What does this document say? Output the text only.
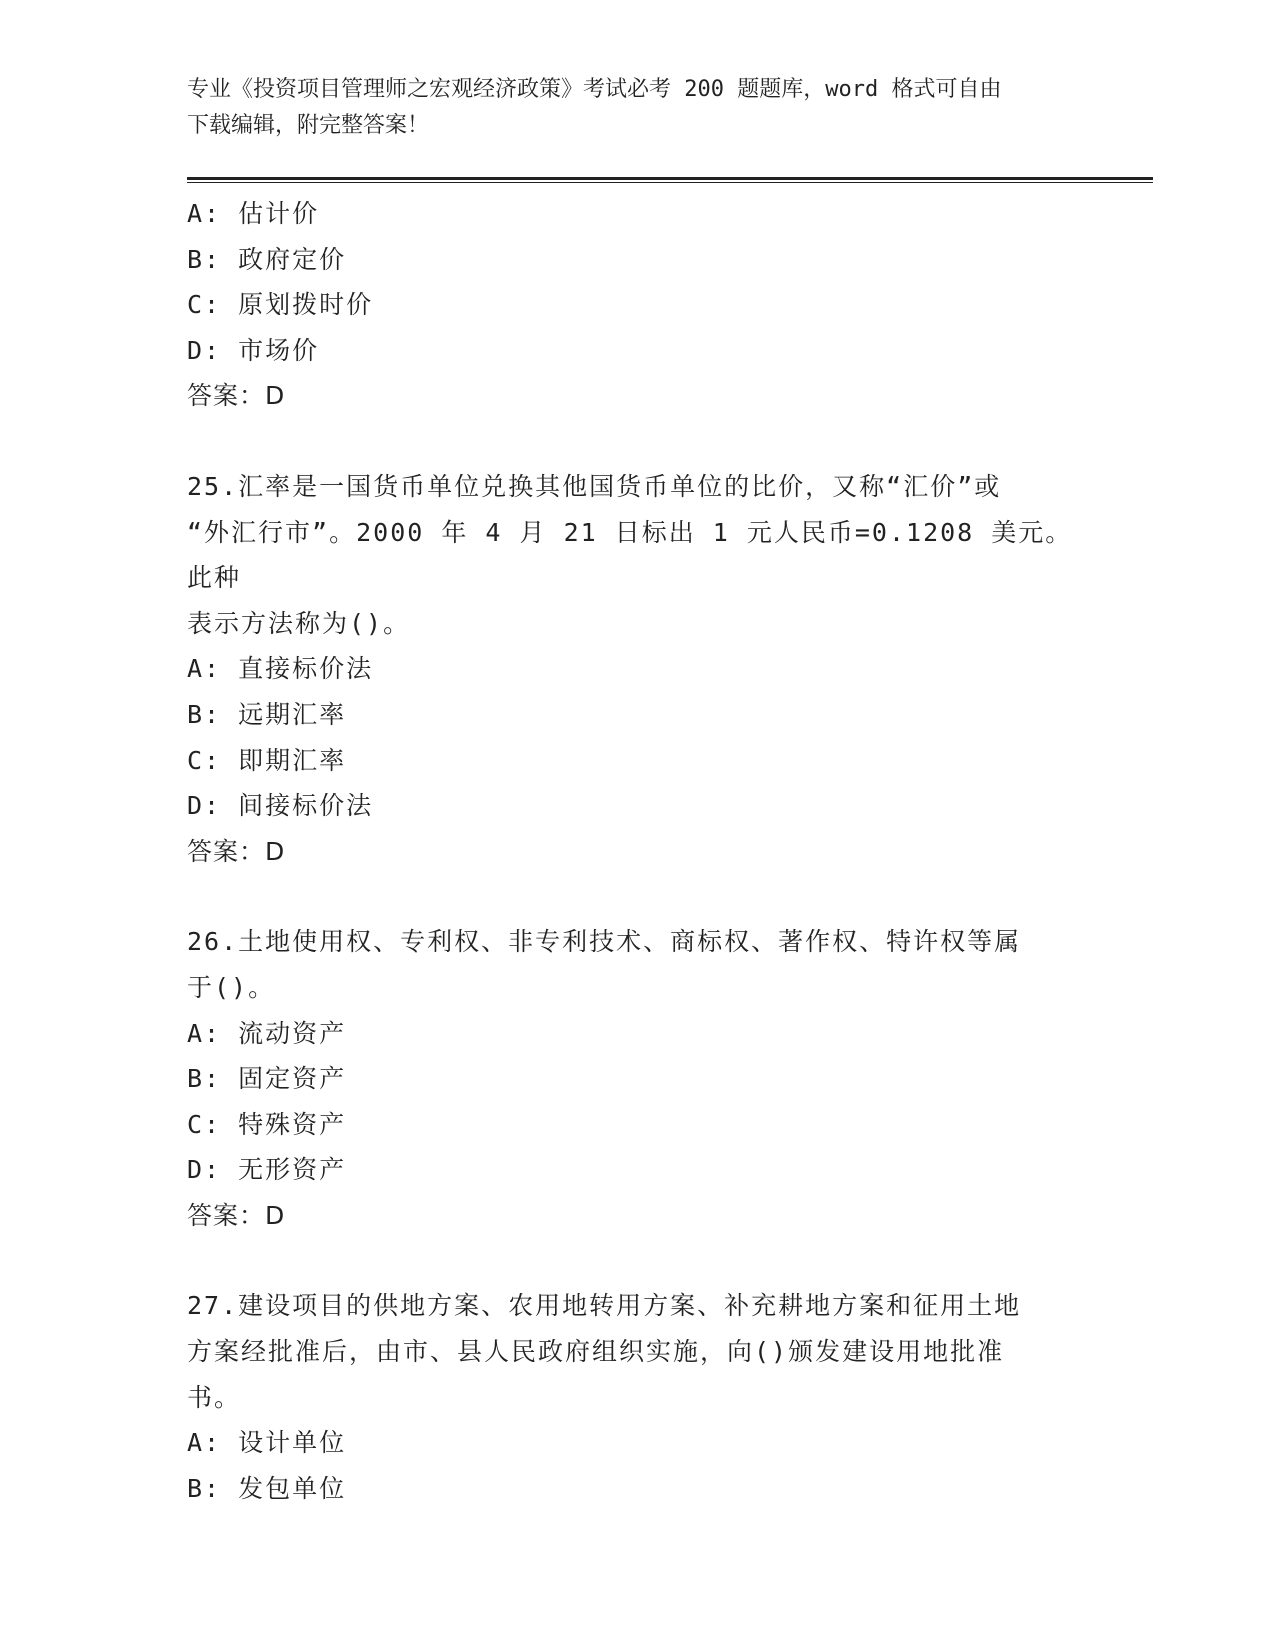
专业《投资项目管理师之宏观经济政策》考试必考 200 题题库，word 格式可自由
下载编辑，附完整答案！

A: 估计价

B: 政府定价

C: 原划拨时价

D: 市场价

答案：D

25.汇率是一国货币单位兑换其他国货币单位的比价，又称“汇价”或

“外汇行市”。2000 年 4 月 21 日标出 1 元人民币=0.1208 美元。此种

表示方法称为()。

A: 直接标价法

B: 远期汇率

C: 即期汇率

D: 间接标价法

答案：D

26.土地使用权、专利权、非专利技术、商标权、著作权、特许权等属

于()。

A: 流动资产

B: 固定资产

C: 特殊资产

D: 无形资产

答案：D

27.建设项目的供地方案、农用地转用方案、补充耕地方案和征用土地

方案经批准后，由市、县人民政府组织实施，向()颁发建设用地批准

书。

A: 设计单位

B: 发包单位
